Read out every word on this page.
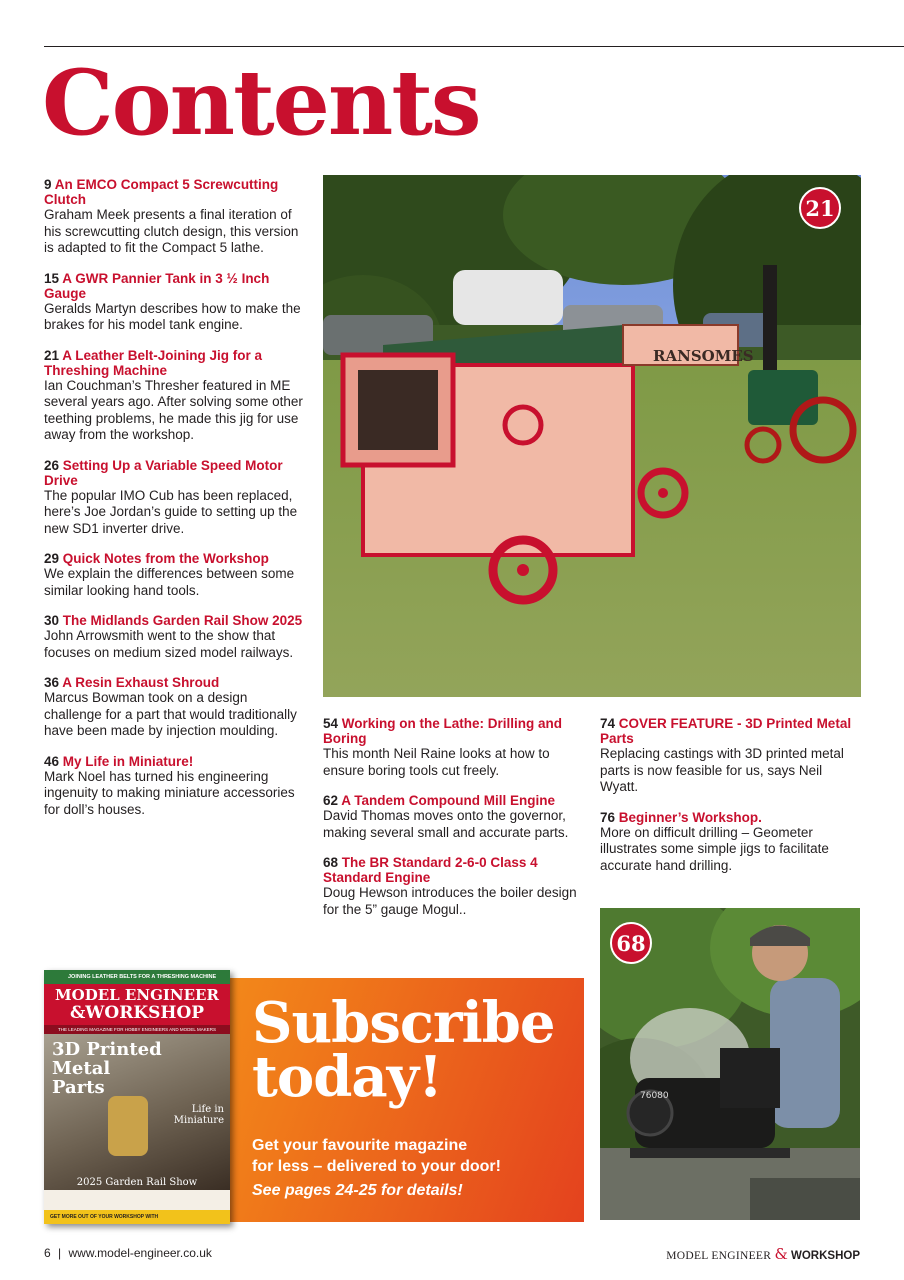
Contents
9 An EMCO Compact 5 Screwcutting Clutch

Graham Meek presents a final iteration of his screwcutting clutch design, this version is adapted to fit the Compact 5 lathe.

15 A GWR Pannier Tank in 3 ½ Inch Gauge

Geralds Martyn describes how to make the brakes for his model tank engine.

21 A Leather Belt-Joining Jig for a Threshing Machine

Ian Couchman’s Thresher featured in ME several years ago. After solving some other teething problems, he made this jig for use away from the workshop.

26 Setting Up a Variable Speed Motor Drive

The popular IMO Cub has been replaced, here’s Joe Jordan’s guide to setting up the new SD1 inverter drive.

29 Quick Notes from the Workshop

We explain the differences between some similar looking hand tools.

30 The Midlands Garden Rail Show 2025

John Arrowsmith went to the show that focuses on medium sized model railways.

36 A Resin Exhaust Shroud

Marcus Bowman took on a design challenge for a part that would traditionally have been made by injection moulding.

46 My Life in Miniature!

Mark Noel has turned his engineering ingenuity to making miniature accessories for doll’s houses.

RANSOMES
21
54 Working on the Lathe: Drilling and Boring

This month Neil Raine looks at how to ensure boring tools cut freely.

62 A Tandem Compound Mill Engine

David Thomas moves onto the governor, making several small and accurate parts.

68 The BR Standard 2-6-0 Class 4 Standard Engine

Doug Hewson introduces the boiler design for the 5” gauge Mogul..

74 COVER FEATURE - 3D Printed Metal Parts

Replacing castings with 3D printed metal parts is now feasible for us, says Neil Wyatt.

76 Beginner’s Workshop.

More on difficult drilling – Geometer illustrates some simple jigs to facilitate accurate hand drilling.

76080
68
Subscribe
today!
Get your favourite magazine
for less – delivered to your door!
See pages 24-25 for details!
JOINING LEATHER BELTS FOR A THRESHING MACHINE
MODEL ENGINEER
&WORKSHOP
THE LEADING MAGAZINE FOR HOBBY ENGINEERS AND MODEL MAKERS
3D Printed Metal Parts
Life in Miniature
2025 Garden Rail Show
GET MORE OUT OF YOUR WORKSHOP WITH
6 | www.model-engineer.co.uk	MODEL ENGINEER & WORKSHOP
